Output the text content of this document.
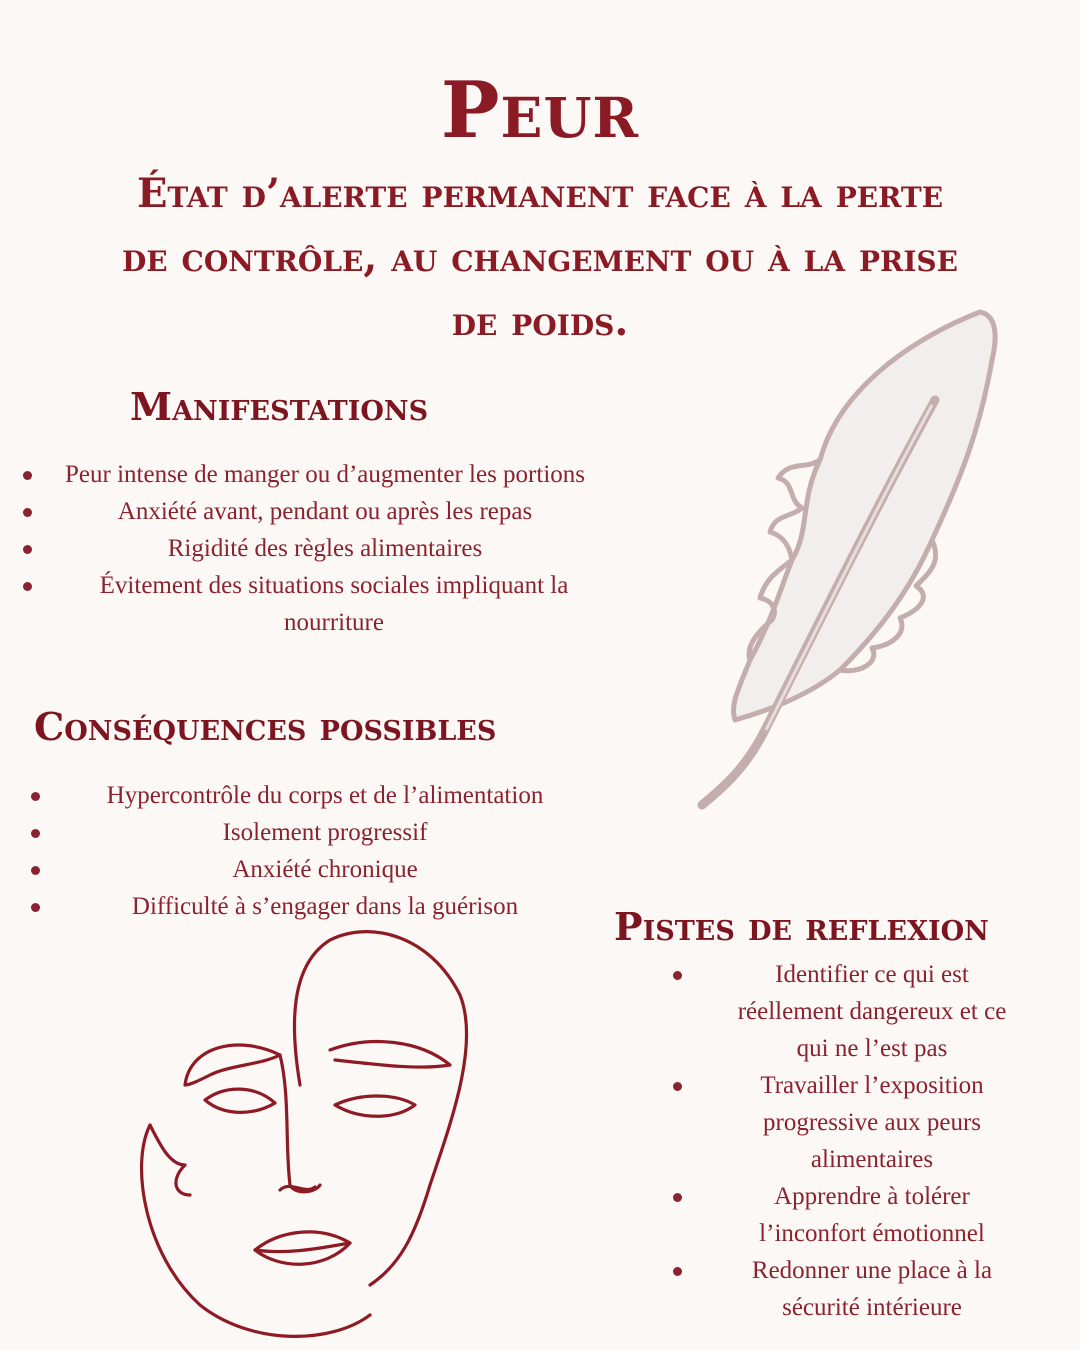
Peur
État d’alerte permanent face à la perte
de contrôle, au changement ou à la prise
de poids.
Manifestations
Peur intense de manger ou d’augmenter les portions
Anxiété avant, pendant ou après les repas
Rigidité des règles alimentaires
Évitement des situations sociales impliquant la nourriture
Conséquences possibles
Hypercontrôle du corps et de l’alimentation
Isolement progressif
Anxiété chronique
Difficulté à s’engager dans la guérison	Pistes de reflexion
Identifier ce qui est réellement dangereux et ce qui ne l’est pas
Travailler l’exposition progressive aux peurs alimentaires
Apprendre à tolérer l’inconfort émotionnel
Redonner une place à la sécurité intérieure
